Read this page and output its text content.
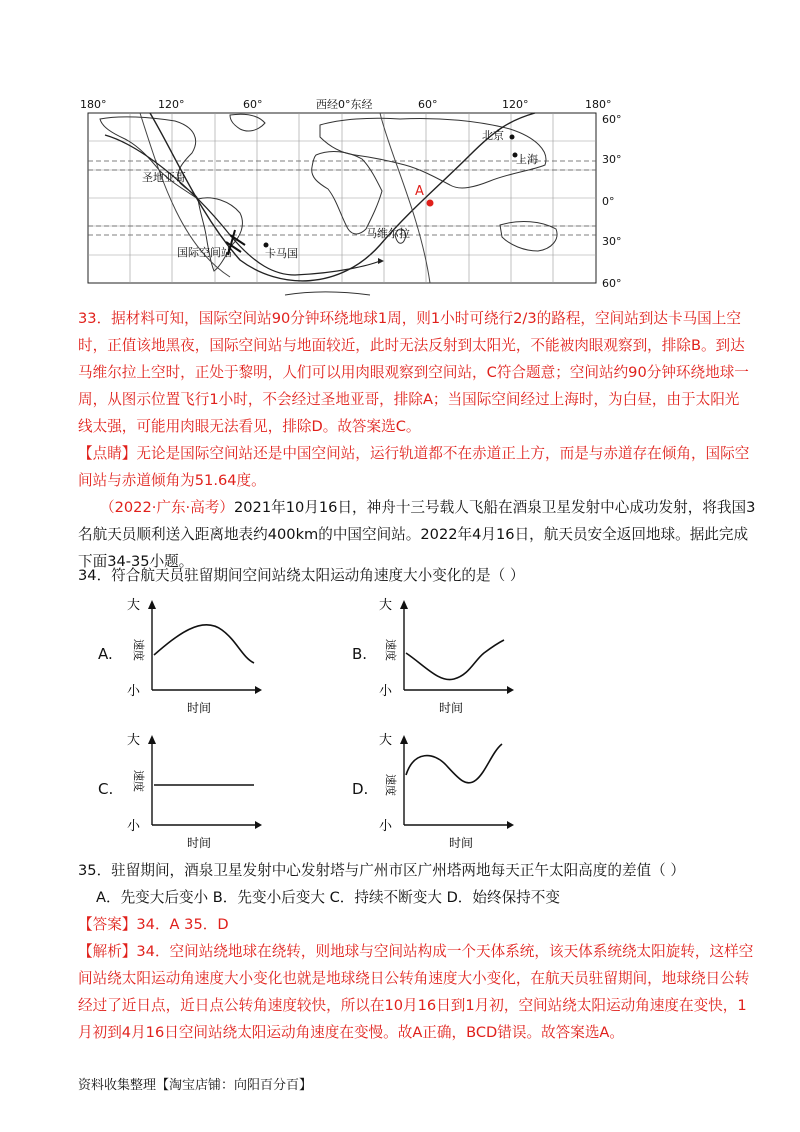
180°	120°	60°	西经0°东经	60°	120°	180°
60°
30°
0°
30°
60°
圣地亚哥
国际空间站	卡马国
北京
上海
马维尔拉
A
33．据材料可知，国际空间站90分钟环绕地球1周，则1小时可绕行2/3的路程，空间站到达卡马国上空
时，正值该地黑夜，国际空间站与地面较近，此时无法反射到太阳光，不能被肉眼观察到，排除B。到达
马维尔拉上空时，正处于黎明，人们可以用肉眼观察到空间站，C符合题意；空间站约90分钟环绕地球一
周，从图示位置飞行1小时，不会经过圣地亚哥，排除A；当国际空间经过上海时，为白昼，由于太阳光
线太强，可能用肉眼无法看见，排除D。故答案选C。
【点睛】无论是国际空间站还是中国空间站，运行轨道都不在赤道正上方，而是与赤道存在倾角，国际空
间站与赤道倾角为51.64度。
（2022·广东·高考）2021年10月16日，神舟十三号载人飞船在酒泉卫星发射中心成功发射，将我国3
名航天员顺利送入距离地表约400km的中国空间站。2022年4月16日，航天员安全返回地球。据此完成
下面34-35小题。
34．符合航天员驻留期间空间站绕太阳运动角速度大小变化的是（ ）
A.	B.
C.	D.
大
小
速度
时间
大
小
速度
时间
大
小
速度
时间
大
小
速度
时间
35．驻留期间，酒泉卫星发射中心发射塔与广州市区广州塔两地每天正午太阳高度的差值（ ）
A．先变大后变小 B．先变小后变大 C．持续不断变大 D．始终保持不变
【答案】34．A 35．D
【解析】34．空间站绕地球在绕转，则地球与空间站构成一个天体系统，该天体系统绕太阳旋转，这样空
间站绕太阳运动角速度大小变化也就是地球绕日公转角速度大小变化，在航天员驻留期间，地球绕日公转
经过了近日点，近日点公转角速度较快，所以在10月16日到1月初，空间站绕太阳运动角速度在变快，1
月初到4月16日空间站绕太阳运动角速度在变慢。故A正确，BCD错误。故答案选A。
资料收集整理【淘宝店铺：向阳百分百】
